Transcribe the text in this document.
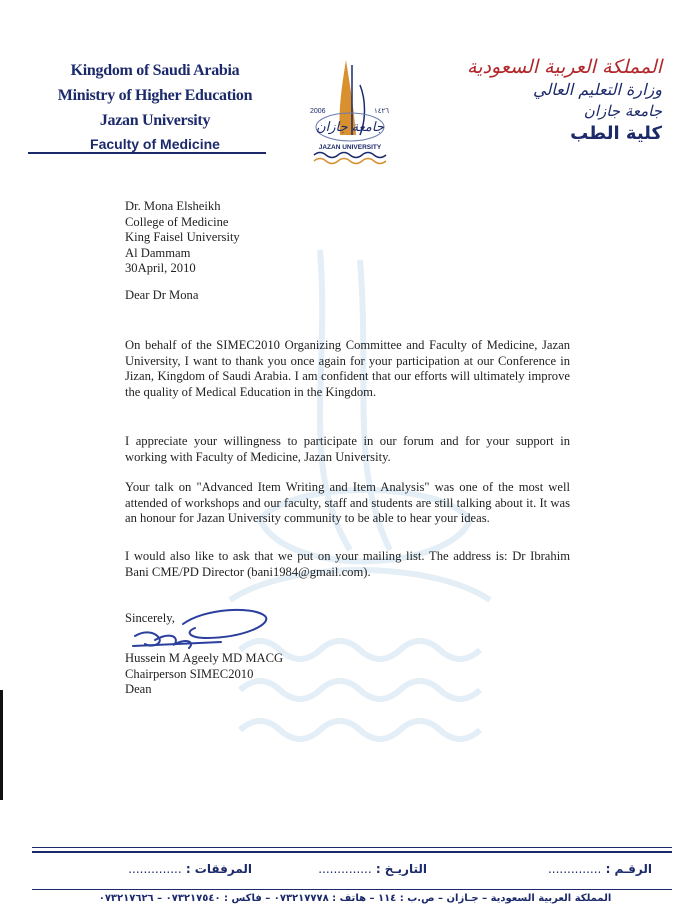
Kingdom of Saudi Arabia
Ministry of Higher Education
Jazan University
Faculty of Medicine
2006	١٤٢٦
جامعة جازان
JAZAN UNIVERSITY
المملكة العربية السعودية
وزارة التعليم العالي
جامعة جازان
كلية الطب
Dr. Mona Elsheikh
College of Medicine
King Faisel University
Al Dammam
30April, 2010
Dear Dr Mona
On behalf of the SIMEC2010 Organizing Committee and Faculty of Medicine, Jazan University, I want to thank you once again for your participation at our Conference in Jizan, Kingdom of Saudi Arabia. I am confident that our efforts will ultimately improve the quality of Medical Education in the Kingdom.
I appreciate your willingness to participate in our forum and for your support in working with Faculty of Medicine, Jazan University.
Your talk on "Advanced Item Writing and Item Analysis" was one of the most well attended of workshops and our faculty, staff and students are still talking about it. It was an honour for Jazan University community to be able to hear your ideas.
I would also like to ask that we put on your mailing list. The address is: Dr Ibrahim Bani CME/PD Director (bani1984@gmail.com).
Sincerely,
Hussein M Ageely MD MACG
Chairperson SIMEC2010
Dean
الرقـم : ..............
التاريـخ : ..............
المرفقات : ..............
المملكة العربية السعودية – جـازان – ص.ب : ١١٤ – هاتف : ٠٧٣٢١٧٧٧٨ – فاكس : ٠٧٣٢١٧٥٤٠ – ٠٧٣٢١٧٦٢٦
